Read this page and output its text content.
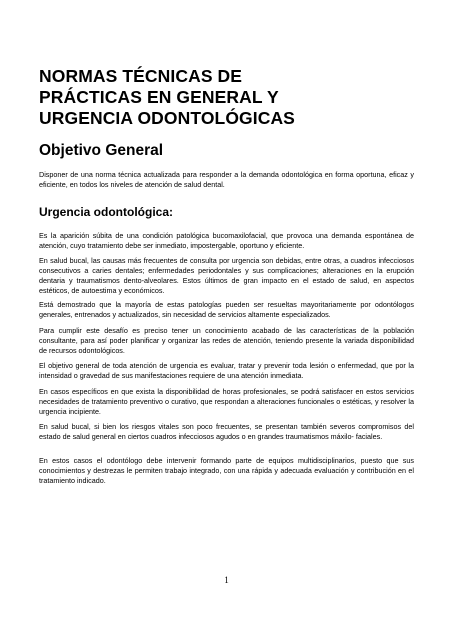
NORMAS TÉCNICAS DE
PRÁCTICAS EN GENERAL Y
URGENCIA ODONTOLÓGICAS
Objetivo General
Disponer de una norma técnica actualizada para responder a la demanda odontológica en forma oportuna, eficaz y eficiente, en todos los niveles de atención de salud dental.
Urgencia odontológica:
Es la aparición súbita de una condición patológica bucomaxilofacial, que provoca una demanda espontánea de atención, cuyo tratamiento debe ser inmediato, impostergable, oportuno y eficiente.
En salud bucal, las causas más frecuentes de consulta por urgencia son debidas, entre otras, a cuadros infecciosos consecutivos a caries dentales; enfermedades periodontales y sus complicaciones; alteraciones en la erupción dentaria y traumatismos dento-alveolares. Estos últimos de gran impacto en el estado de salud, en aspectos estéticos, de autoestima y económicos.
Está demostrado que la mayoría de estas patologías pueden ser resueltas mayoritariamente por odontólogos generales, entrenados y actualizados, sin necesidad de servicios altamente especializados.
Para cumplir este desafío es preciso tener un conocimiento acabado de las características de la población consultante, para así poder planificar y organizar las redes de atención, teniendo presente la variada disponibilidad de recursos odontológicos.
El objetivo general de toda atención de urgencia es evaluar, tratar y prevenir toda lesión o enfermedad, que por la intensidad o gravedad de sus manifestaciones requiere de una atención inmediata.
En casos específicos en que exista la disponibilidad de horas profesionales, se podrá satisfacer en estos servicios necesidades de tratamiento preventivo o curativo, que respondan a alteraciones funcionales o estéticas, y resolver la urgencia incipiente.
En salud bucal, si bien los riesgos vitales son poco frecuentes, se presentan también severos compromisos del estado de salud general en ciertos cuadros infecciosos agudos o en grandes traumatismos máxilo- faciales.
En estos casos el odontólogo debe intervenir formando parte de equipos multidisciplinarios, puesto que sus conocimientos y destrezas le permiten trabajo integrado, con una rápida y adecuada evaluación y contribución en el tratamiento indicado.
1
